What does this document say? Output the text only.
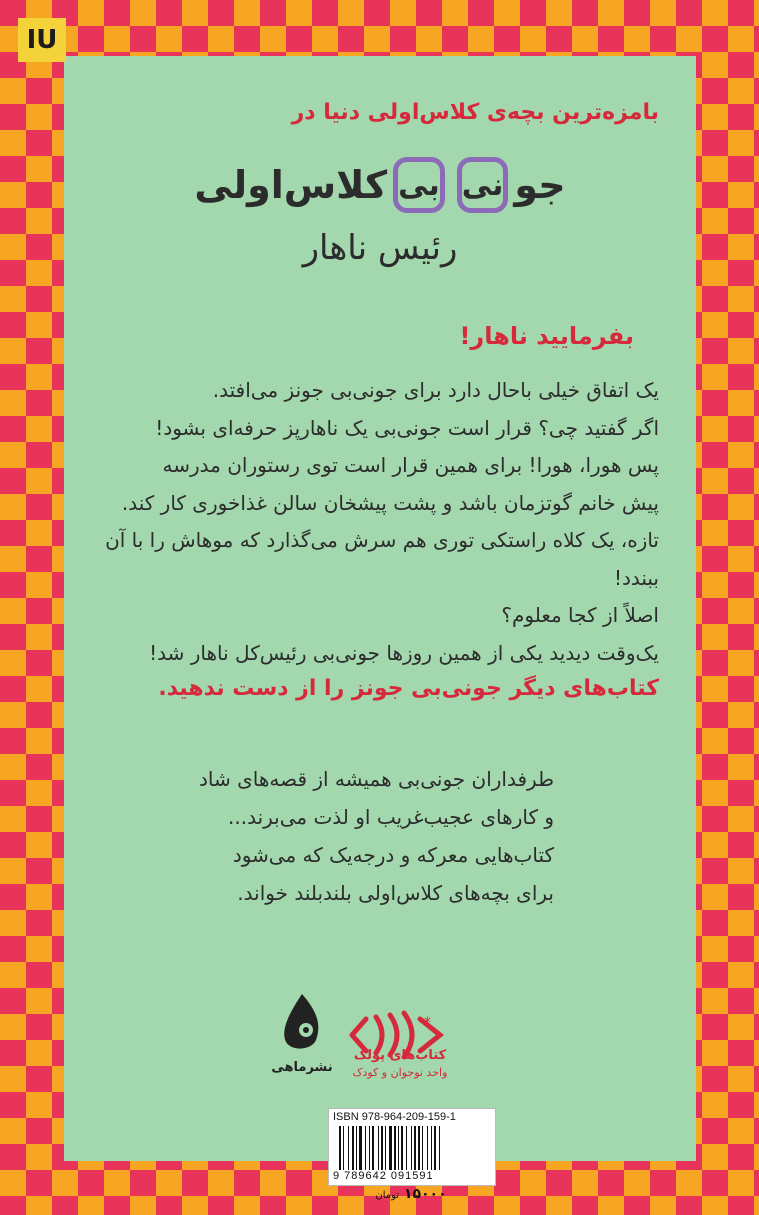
IU
بامزه‌ترین بچه‌ی کلاس‌اولی دنیا در
جو
نی
بی
کلاس‌اولی
رئیس ناهار
بفرمایید ناهار!
یک اتفاق خیلی باحال دارد برای جونی‌بی جونز می‌افتد.
اگر گفتید چی؟ قرار است جونی‌بی یک ناهارپز حرفه‌ای بشود!
پس هورا، هورا! برای همین قرار است توی رستوران مدرسه
پیش خانم گوتزمان باشد و پشت پیشخان سالن غذاخوری کار کند.
تازه، یک کلاه راستکی توری هم سرش می‌گذارد که موهاش را با آن ببندد!
اصلاً از کجا معلوم؟
یک‌وقت دیدید یکی از همین روزها جونی‌بی رئیس‌کل ناهار شد!
کتاب‌های دیگر جونی‌بی جونز را از دست ندهید.
طرفداران جونی‌بی همیشه از قصه‌های شاد
و کارهای عجیب‌غریب او لذت می‌برند...
کتاب‌هایی معرکه و درجه‌یک که می‌شود
برای بچه‌های کلاس‌اولی بلندبلند خواند.
نشرماهی
*
کتاب‌های پولک
واحد نوجوان و کودک
ISBN 978-964-209-159-1
9 789642 091591
۱۵۰۰۰ تومان
